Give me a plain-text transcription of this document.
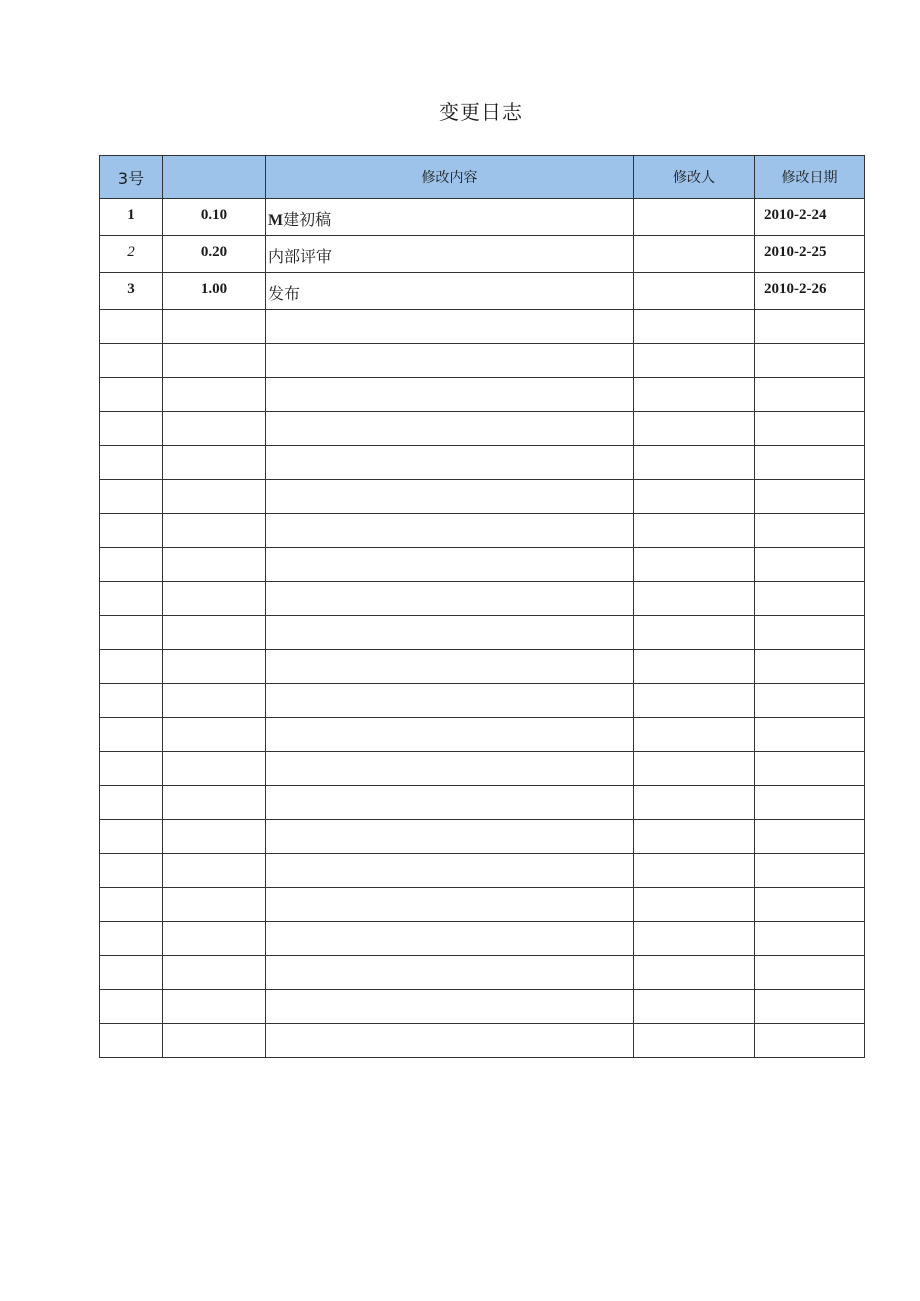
变更日志
3号		修改内容	修改人	修改日期
1	0.10	M建初稿		2010-2-24
2	0.20	内部评审		2010-2-25
3	1.00	发布		2010-2-26
